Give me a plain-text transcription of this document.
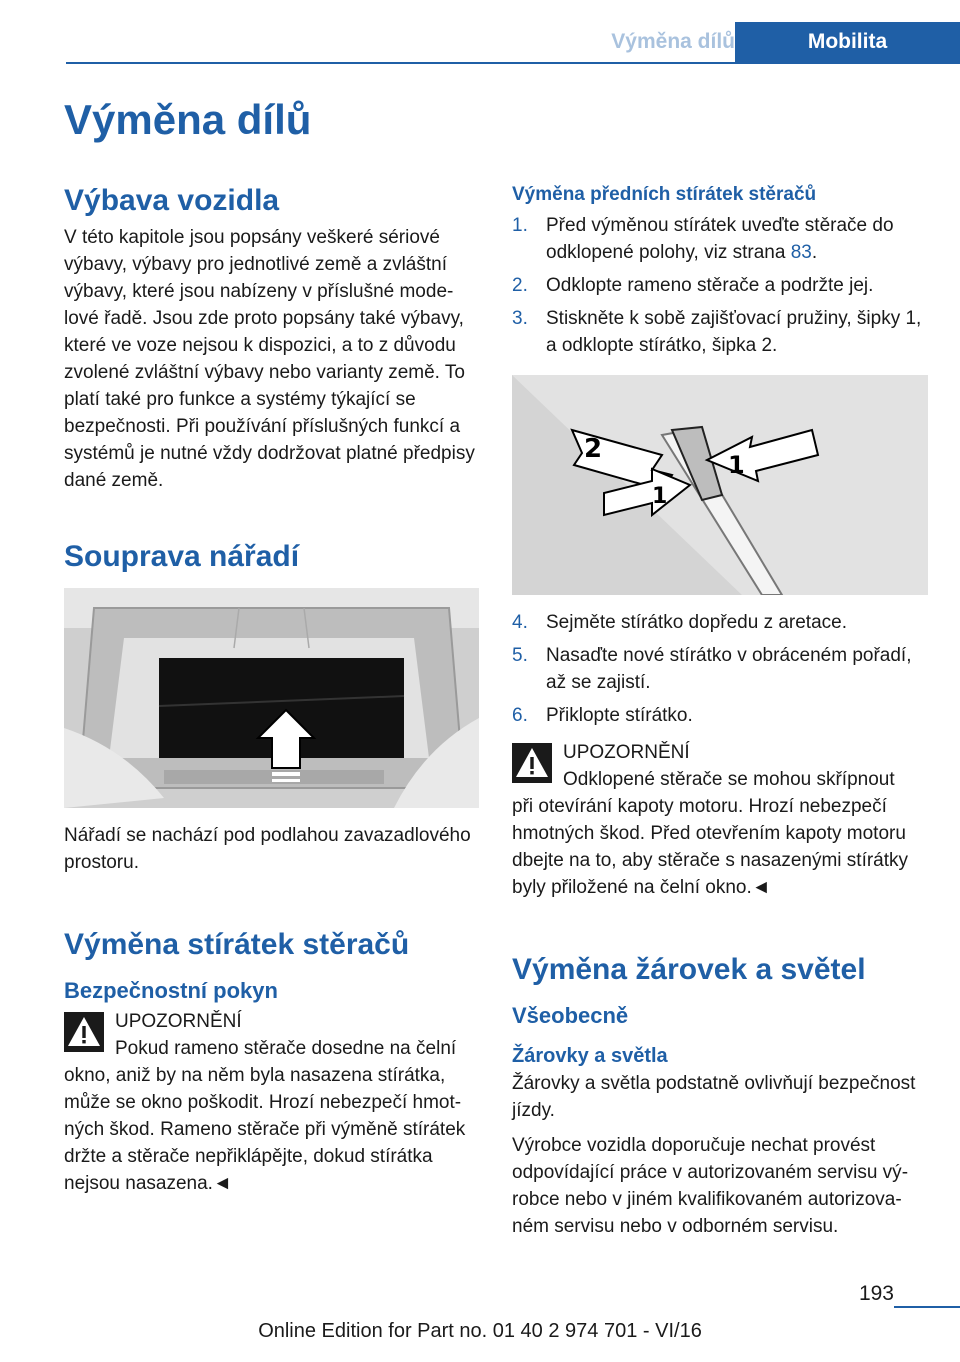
Výměna dílů	Mobilita
Výměna dílů
Výbava vozidla

V této kapitole jsou popsány veškeré sériové výbavy, výbavy pro jednotlivé země a zvláštní výbavy, které jsou nabízeny v příslušné modelové řadě. Jsou zde proto popsány také výbavy, které ve voze nejsou k dispozici, a to z důvodu zvolené zvláštní výbavy nebo varianty země. To platí také pro funkce a systémy týkající se bezpečnosti. Při používání příslušných funkcí a systémů je nutné vždy dodržovat platné předpisy dané země.

Souprava nářadí

Nářadí se nachází pod podlahou zavazadlového prostoru.

Výměna stírátek stěračů
Bezpečnostní pokyn

UPOZORNĚNÍ

Pokud rameno stěrače dosedne na čelní

okno, aniž by na něm byla nasazena stírátka, může se okno poškodit. Hrozí nebezpečí hmotných škod. Rameno stěrače při výměně stírátek držte a stěrače nepřiklápějte, dokud stírátka nejsou nasazena.◄

Výměna předních stírátek stěračů
1. Před výměnou stírátek uveďte stěrače do odklopené polohy, viz strana 83.
2. Odklopte rameno stěrače a podržte jej.
3. Stiskněte k sobě zajišťovací pružiny, šipky 1, a odklopte stírátko, šipka 2.
2
1
1
4. Sejměte stírátko dopředu z aretace.
5. Nasaďte nové stírátko v obráceném pořadí, až se zajistí.
6. Přiklopte stírátko.

UPOZORNĚNÍ

Odklopené stěrače se mohou skřípnout

při otevírání kapoty motoru. Hrozí nebezpečí hmotných škod. Před otevřením kapoty motoru dbejte na to, aby stěrače s nasazenými stírátky byly přiložené na čelní okno.◄

Výměna žárovek a světel
Všeobecně
Žárovky a světla

Žárovky a světla podstatně ovlivňují bezpečnost jízdy.

Výrobce vozidla doporučuje nechat provést odpovídající práce v autorizovaném servisu výrobce nebo v jiném kvalifikovaném autorizovaném servisu nebo v odborném servisu.

193
Online Edition for Part no. 01 40 2 974 701 - VI/16
